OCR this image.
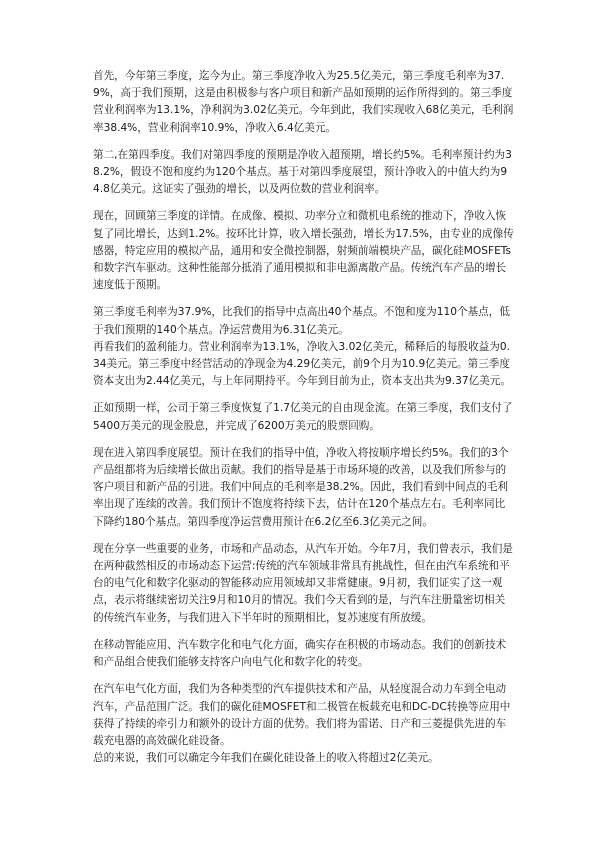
首先，今年第三季度，迄今为止。第三季度净收入为25.5亿美元，第三季度毛利率为37.9%，高于我们预期，这是由积极参与客户项目和新产品如预期的运作所得到的。第三季度营业利润率为13.1%，净利润为3.02亿美元。今年到此，我们实现收入68亿美元，毛利润率38.4%，营业利润率10.9%，净收入6.4亿美元。

第二,在第四季度。我们对第四季度的预期是净收入超预期，增长约5%。毛利率预计约为38.2%，假设不饱和度约为120个基点。基于对第四季度展望，预计净收入的中值大约为94.8亿美元。这证实了强劲的增长，以及两位数的营业利润率。

现在，回顾第三季度的详情。在成像、模拟、功率分立和微机电系统的推动下，净收入恢复了同比增长，达到1.2%。按环比计算，收入增长强劲，增长为17.5%，由专业的成像传感器，特定应用的模拟产品，通用和安全微控制器，射频前端模块产品，碳化硅MOSFETs和数字汽车驱动。这种性能部分抵消了通用模拟和非电源离散产品。传统汽车产品的增长速度低于预期。

第三季度毛利率为37.9%，比我们的指导中点高出40个基点。不饱和度为110个基点，低于我们预期的140个基点。净运营费用为6.31亿美元。

再看我们的盈利能力。营业利润率为13.1%，净收入3.02亿美元，稀释后的每股收益为0.34美元。第三季度中经营活动的净现金为4.29亿美元，前9个月为10.9亿美元。第三季度资本支出为2.44亿美元，与上年同期持平。今年到目前为止，资本支出共为9.37亿美元。

正如预期一样，公司于第三季度恢复了1.7亿美元的自由现金流。在第三季度，我们支付了5400万美元的现金股息，并完成了6200万美元的股票回购。

现在进入第四季度展望。预计在我们的指导中值，净收入将按顺序增长约5%。我们的3个产品组都将为后续增长做出贡献。我们的指导是基于市场环境的改善，以及我们所参与的客户项目和新产品的引进。我们中间点的毛利率是38.2%。因此，我们看到中间点的毛利率出现了连续的改善。我们预计不饱度将持续下去，估计在120个基点左右。毛利率同比下降约180个基点。第四季度净运营费用预计在6.2亿至6.3亿美元之间。

现在分享一些重要的业务，市场和产品动态，从汽车开始。今年7月，我们曾表示，我们是在两种截然相反的市场动态下运营:传统的汽车领域非常具有挑战性，但在由汽车系统和平台的电气化和数字化驱动的智能移动应用领域却又非常健康。9月初，我们证实了这一观点，表示将继续密切关注9月和10月的情况。我们今天看到的是，与汽车注册量密切相关的传统汽车业务，与我们进入下半年时的预期相比，复苏速度有所放缓。

在移动智能应用、汽车数字化和电气化方面，确实存在积极的市场动态。我们的创新技术和产品组合使我们能够支持客户向电气化和数字化的转变。

在汽车电气化方面，我们为各种类型的汽车提供技术和产品，从轻度混合动力车到全电动汽车，产品范围广泛。我们的碳化硅MOSFET和二极管在板载充电和DC-DC转换等应用中获得了持续的牵引力和额外的设计方面的优势。我们将为雷诺、日产和三菱提供先进的车载充电器的高效碳化硅设备。

总的来说，我们可以确定今年我们在碳化硅设备上的收入将超过2亿美元。
